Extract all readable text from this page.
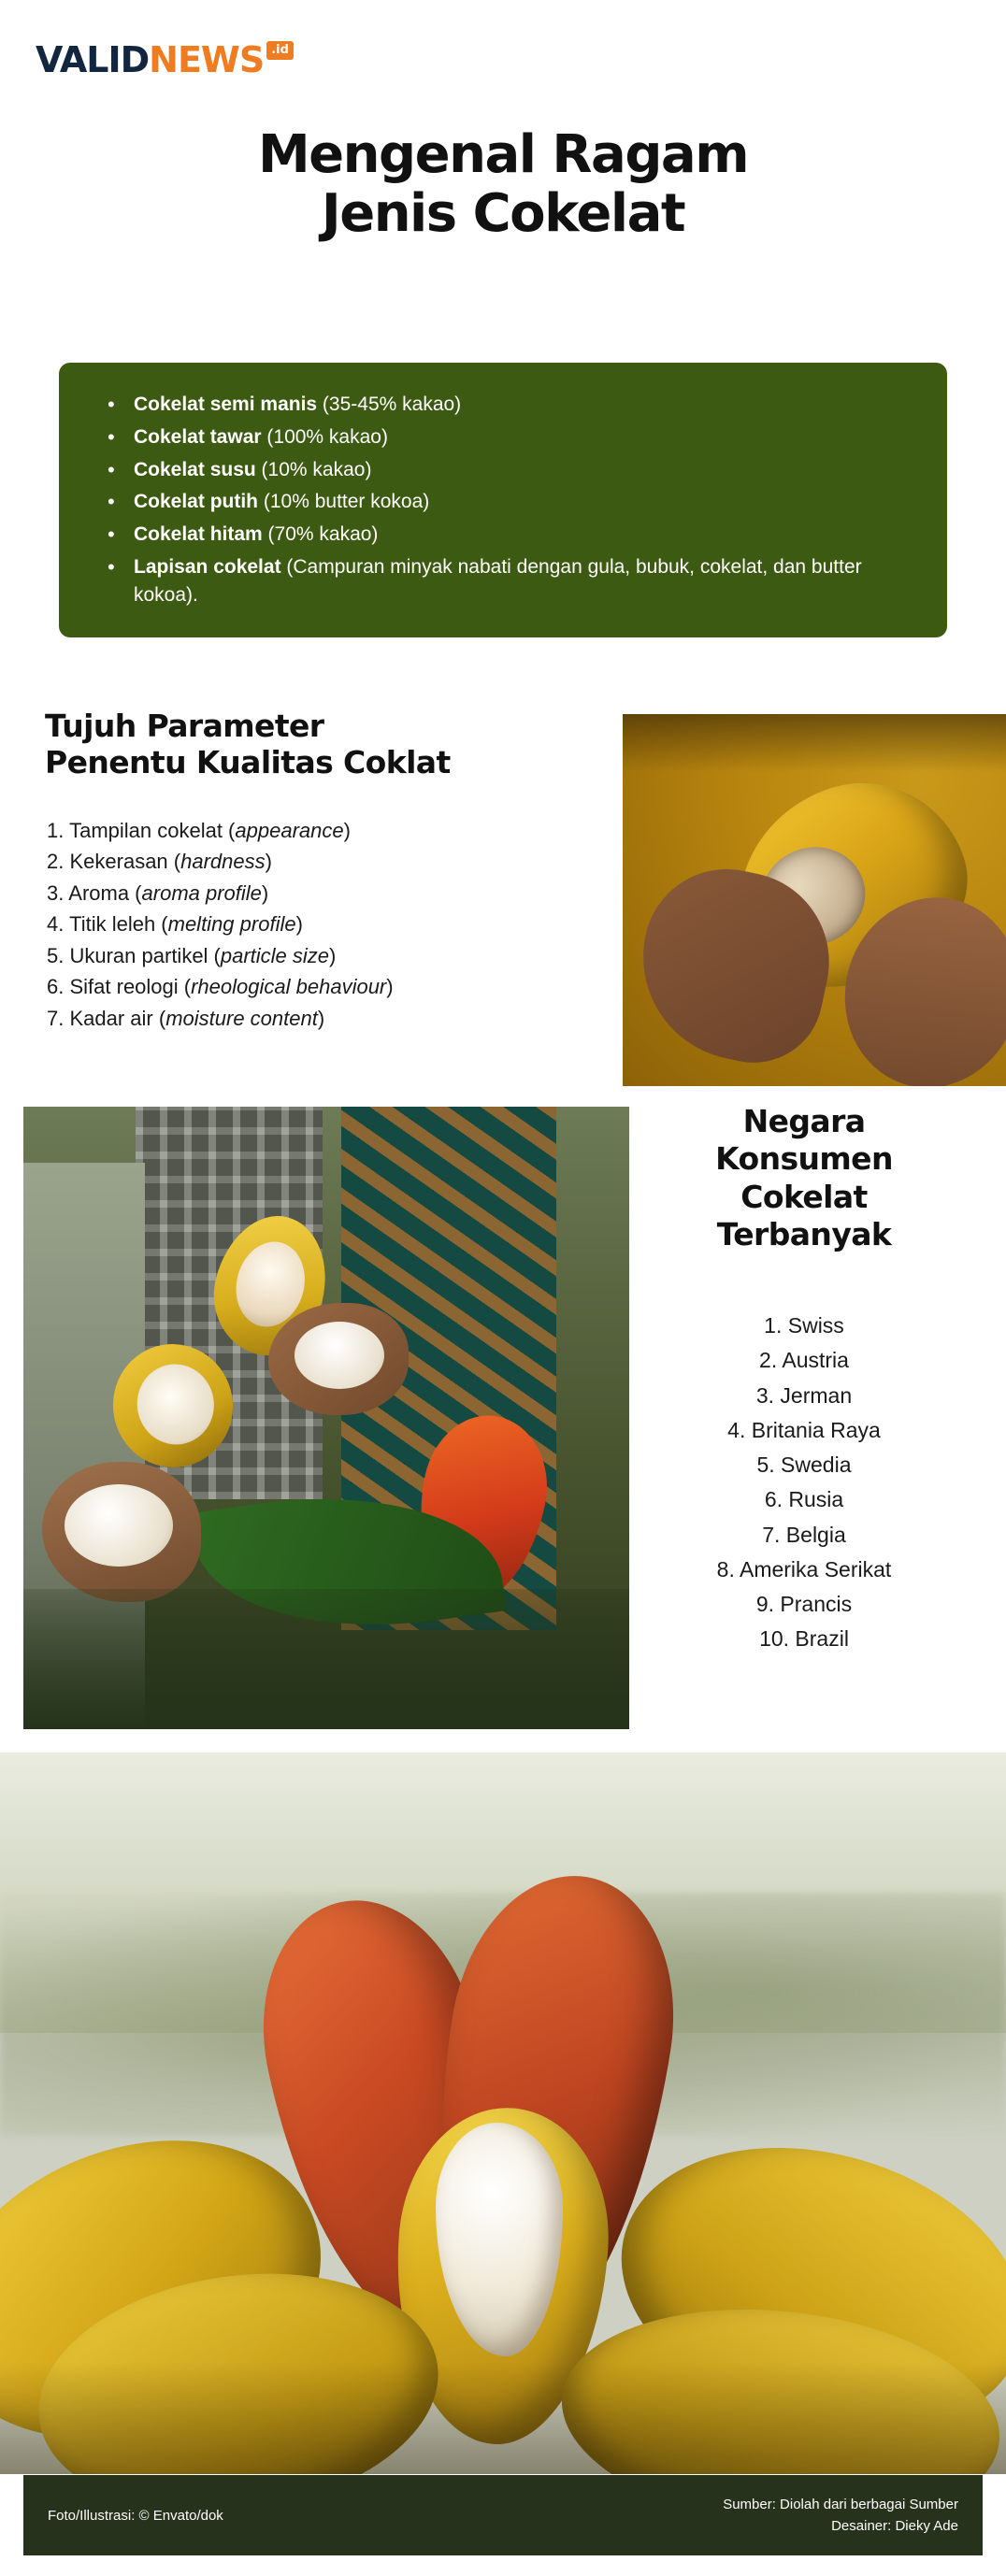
VALID NEWS .id
Mengenal Ragam
Jenis Cokelat
• Cokelat semi manis (35-45% kakao)
• Cokelat tawar (100% kakao)
• Cokelat susu (10% kakao)
• Cokelat putih (10% butter kokoa)
• Cokelat hitam (70% kakao)
• Lapisan cokelat (Campuran minyak nabati dengan gula, bubuk, cokelat, dan butter kokoa).
Tujuh Parameter
Penentu Kualitas Coklat
1. Tampilan cokelat (appearance)
2. Kekerasan (hardness)
3. Aroma (aroma profile)
4. Titik leleh (melting profile)
5. Ukuran partikel (particle size)
6. Sifat reologi (rheological behaviour)
7. Kadar air (moisture content)
Negara
Konsumen
Cokelat
Terbanyak
1. Swiss
2. Austria
3. Jerman
4. Britania Raya
5. Swedia
6. Rusia
7. Belgia
8. Amerika Serikat
9. Prancis
10. Brazil
Foto/Illustrasi: © Envato/dok
Sumber: Diolah dari berbagai Sumber
Desainer: Dieky Ade
